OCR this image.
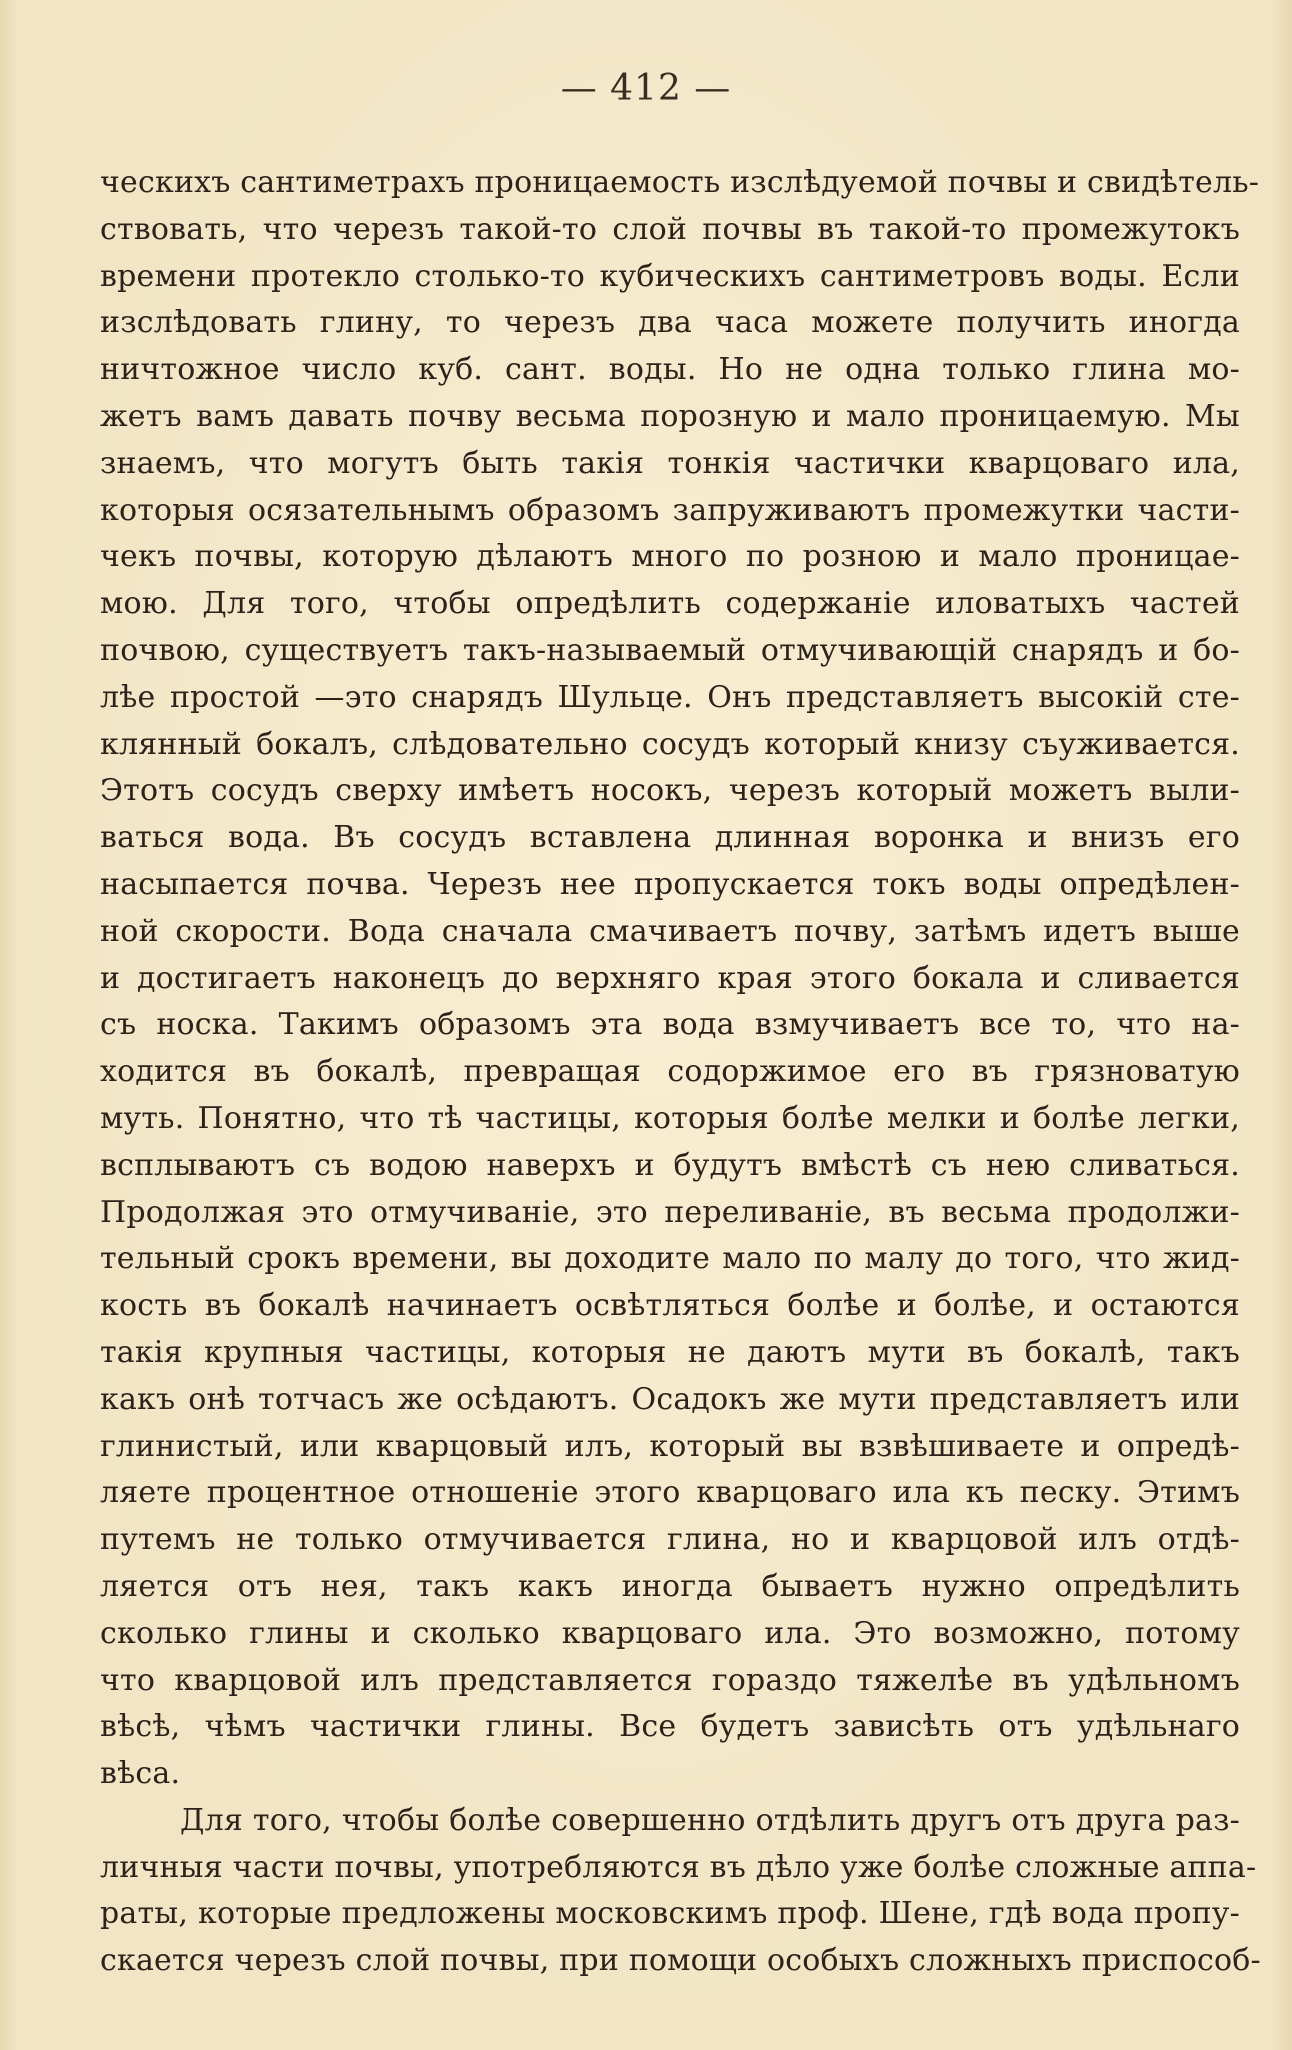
— 412 —
ческихъ сантиметрахъ проницаемость изслѣдуемой почвы и свидѣтель-
ствовать, что черезъ такой-то слой почвы въ такой-то промежутокъ
времени протекло столько-то кубическихъ сантиметровъ воды. Если
изслѣдовать глину, то черезъ два часа можете получить иногда
ничтожное число куб. сант. воды. Но не одна только глина мо-
жетъ вамъ давать почву весьма порозную и мало проницаемую. Мы
знаемъ, что могутъ быть такія тонкія частички кварцоваго ила,
которыя осязательнымъ образомъ запруживаютъ промежутки части-
чекъ почвы, которую дѣлаютъ много по розною и мало проницае-
мою. Для того, чтобы опредѣлить содержаніе иловатыхъ частей
почвою, существуетъ такъ-называемый отмучивающій снарядъ и бо-
лѣе простой —это снарядъ Шульце. Онъ представляетъ высокій сте-
клянный бокалъ, слѣдовательно сосудъ который книзу съуживается.
Этотъ сосудъ сверху имѣетъ носокъ, черезъ который можетъ выли-
ваться вода. Въ сосудъ вставлена длинная воронка и внизъ его
насыпается почва. Черезъ нее пропускается токъ воды опредѣлен-
ной скорости. Вода сначала смачиваетъ почву, затѣмъ идетъ выше
и достигаетъ наконецъ до верхняго края этого бокала и сливается
съ носка. Такимъ образомъ эта вода взмучиваетъ все то, что на-
ходится въ бокалѣ, превращая содоржимое его въ грязноватую
муть. Понятно, что тѣ частицы, которыя болѣе мелки и болѣе легки,
всплываютъ съ водою наверхъ и будутъ вмѣстѣ съ нею сливаться.
Продолжая это отмучиваніе, это переливаніе, въ весьма продолжи-
тельный срокъ времени, вы доходите мало по малу до того, что жид-
кость въ бокалѣ начинаетъ освѣтляться болѣе и болѣе, и остаются
такія крупныя частицы, которыя не даютъ мути въ бокалѣ, такъ
какъ онѣ тотчасъ же осѣдаютъ. Осадокъ же мути представляетъ или
глинистый, или кварцовый илъ, который вы взвѣшиваете и опредѣ-
ляете процентное отношеніе этого кварцоваго ила къ песку. Этимъ
путемъ не только отмучивается глина, но и кварцовой илъ отдѣ-
ляется отъ нея, такъ какъ иногда бываетъ нужно опредѣлить
сколько глины и сколько кварцоваго ила. Это возможно, потому
что кварцовой илъ представляется гораздо тяжелѣе въ удѣльномъ
вѣсѣ, чѣмъ частички глины. Все будетъ зависѣть отъ удѣльнаго
вѣса.
Для того, чтобы болѣе совершенно отдѣлить другъ отъ друга раз-
личныя части почвы, употребляются въ дѣло уже болѣе сложные аппа-
раты, которые предложены московскимъ проф. Шене, гдѣ вода пропу-
скается черезъ слой почвы, при помощи особыхъ сложныхъ приспособ-
